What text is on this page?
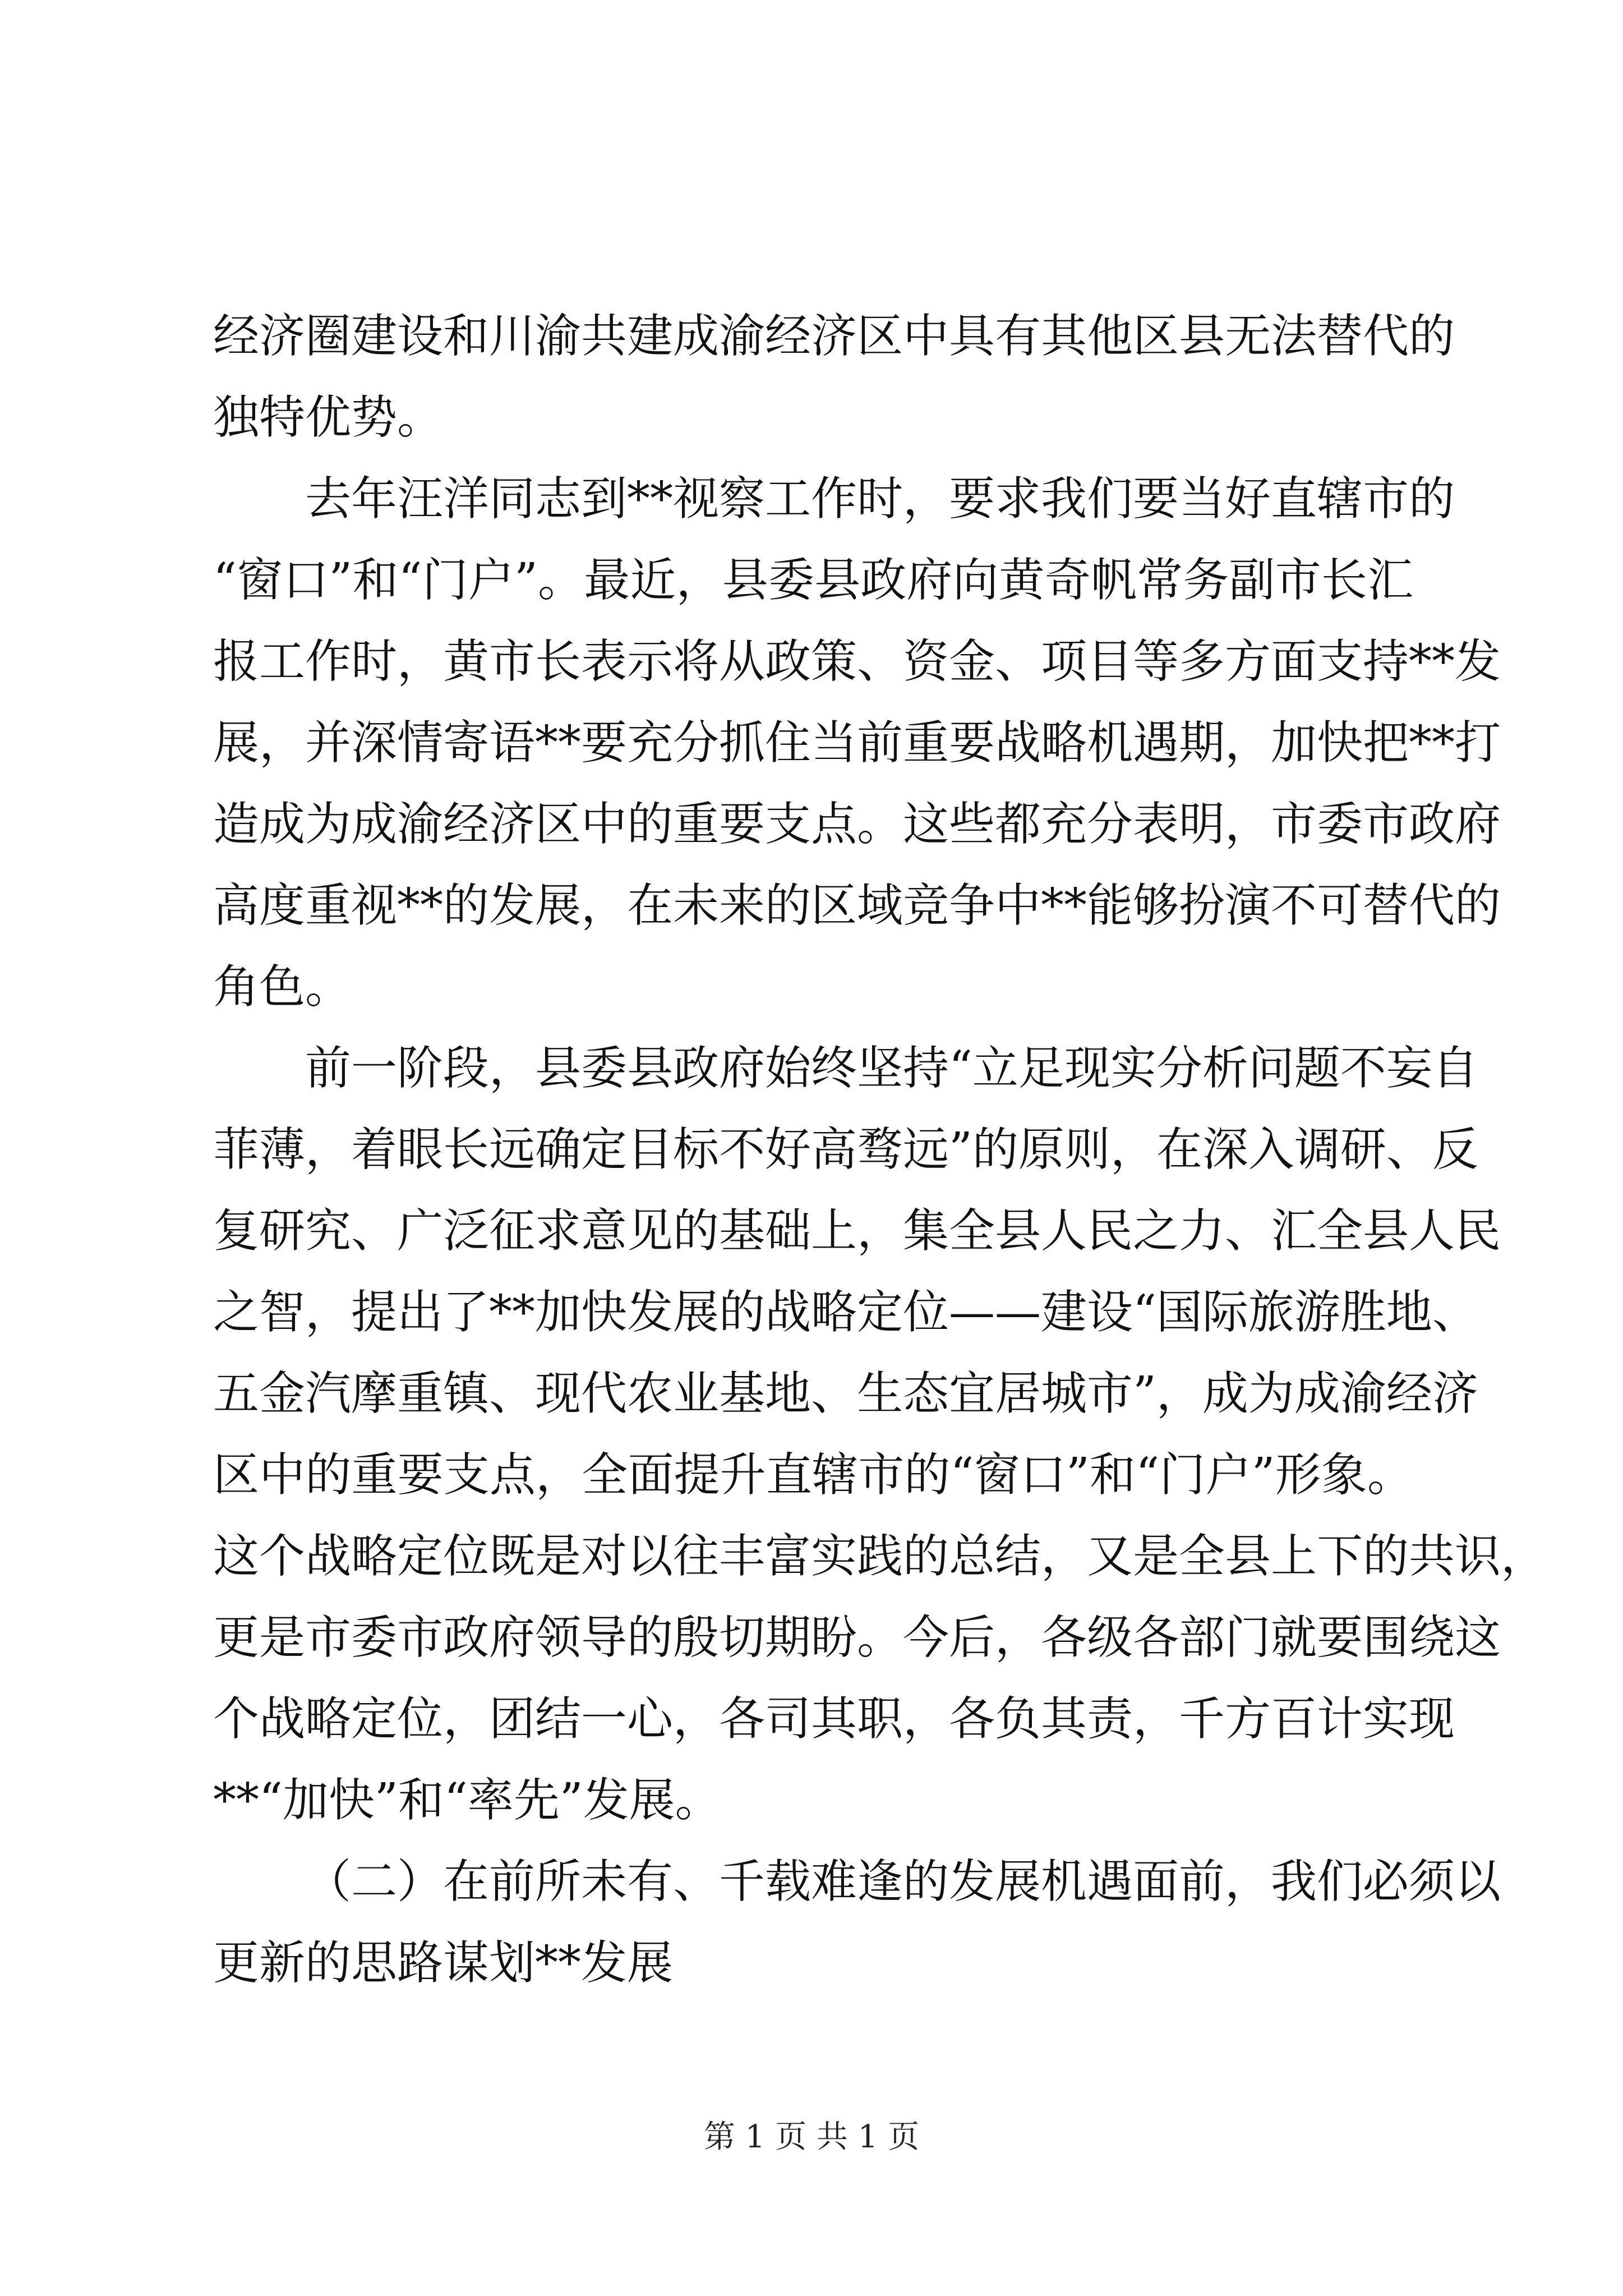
经济圈建设和川渝共建成渝经济区中具有其他区县无法替代的
独特优势。
去年汪洋同志到**视察工作时，要求我们要当好直辖市的
“窗口”和“门户”。最近，县委县政府向黄奇帆常务副市长汇
报工作时，黄市长表示将从政策、资金、项目等多方面支持**发
展，并深情寄语**要充分抓住当前重要战略机遇期，加快把**打
造成为成渝经济区中的重要支点。这些都充分表明，市委市政府
高度重视**的发展，在未来的区域竞争中**能够扮演不可替代的
角色。
前一阶段，县委县政府始终坚持“立足现实分析问题不妄自
菲薄，着眼长远确定目标不好高骛远”的原则，在深入调研、反
复研究、广泛征求意见的基础上，集全县人民之力、汇全县人民
之智，提出了**加快发展的战略定位——建设“国际旅游胜地、
五金汽摩重镇、现代农业基地、生态宜居城市”，成为成渝经济
区中的重要支点，全面提升直辖市的“窗口”和“门户”形象。
这个战略定位既是对以往丰富实践的总结，又是全县上下的共识，
更是市委市政府领导的殷切期盼。今后，各级各部门就要围绕这
个战略定位，团结一心，各司其职，各负其责，千方百计实现
**“加快”和“率先”发展。
（二）在前所未有、千载难逢的发展机遇面前，我们必须以
更新的思路谋划**发展
第 1 页 共 1 页
